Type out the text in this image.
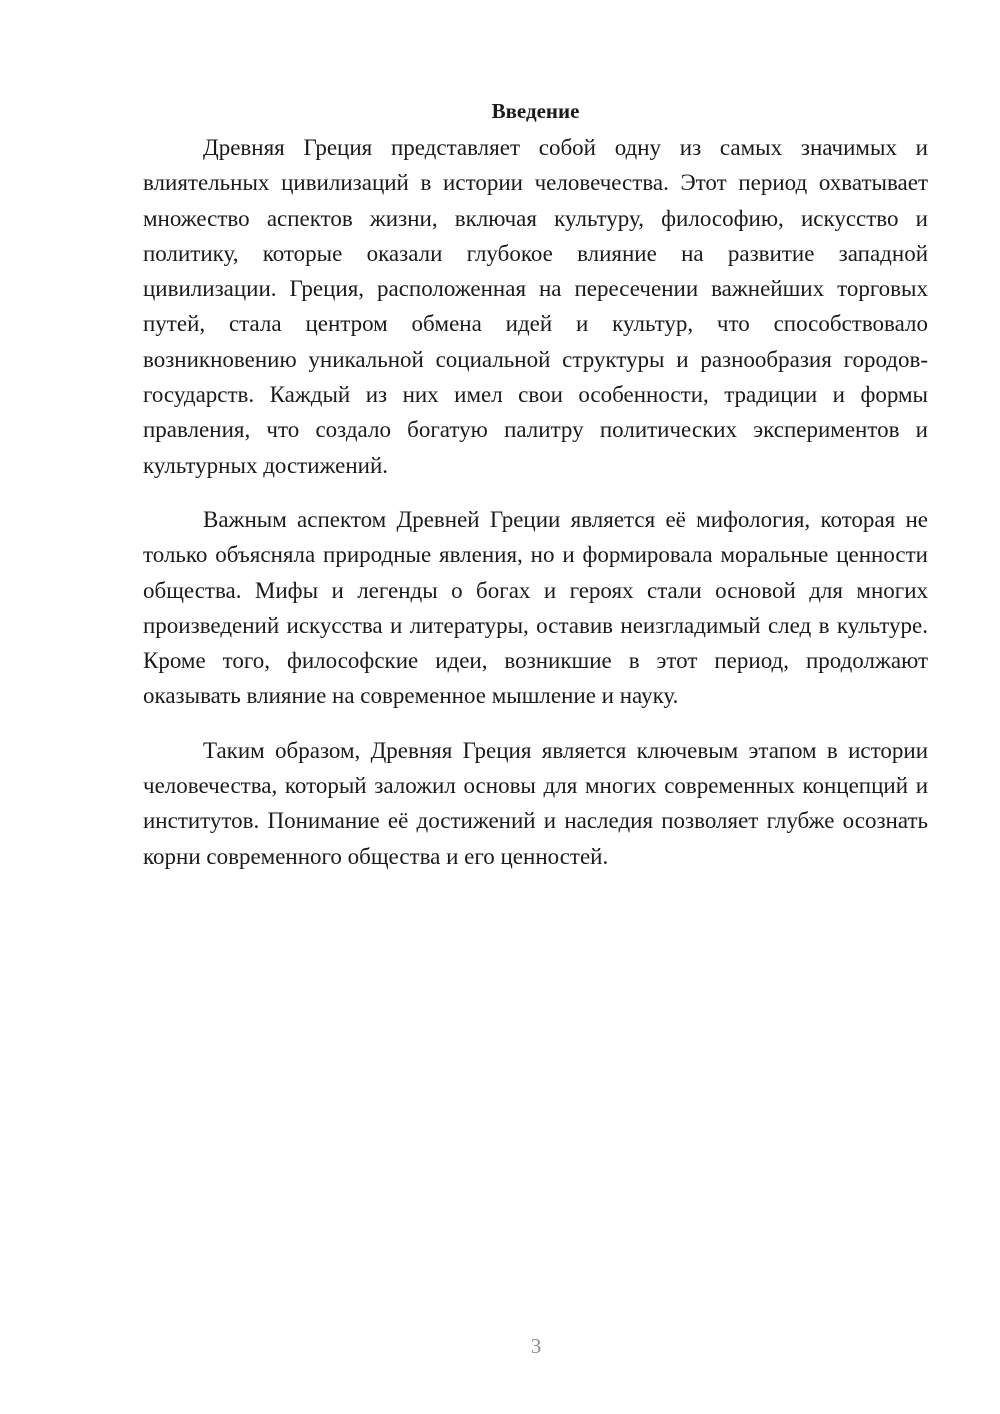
Введение

Древняя Греция представляет собой одну из самых значимых и влиятельных цивилизаций в истории человечества. Этот период охватывает множество аспектов жизни, включая культуру, философию, искусство и политику, которые оказали глубокое влияние на развитие западной цивилизации. Греция, расположенная на пересечении важнейших торговых путей, стала центром обмена идей и культур, что способствовало возникновению уникальной социальной структуры и разнообразия городов-государств. Каждый из них имел свои особенности, традиции и формы правления, что создало богатую палитру политических экспериментов и культурных достижений.

Важным аспектом Древней Греции является её мифология, которая не только объясняла природные явления, но и формировала моральные ценности общества. Мифы и легенды о богах и героях стали основой для многих произведений искусства и литературы, оставив неизгладимый след в культуре. Кроме того, философские идеи, возникшие в этот период, продолжают оказывать влияние на современное мышление и науку.

Таким образом, Древняя Греция является ключевым этапом в истории человечества, который заложил основы для многих современных концепций и институтов. Понимание её достижений и наследия позволяет глубже осознать корни современного общества и его ценностей.

3
